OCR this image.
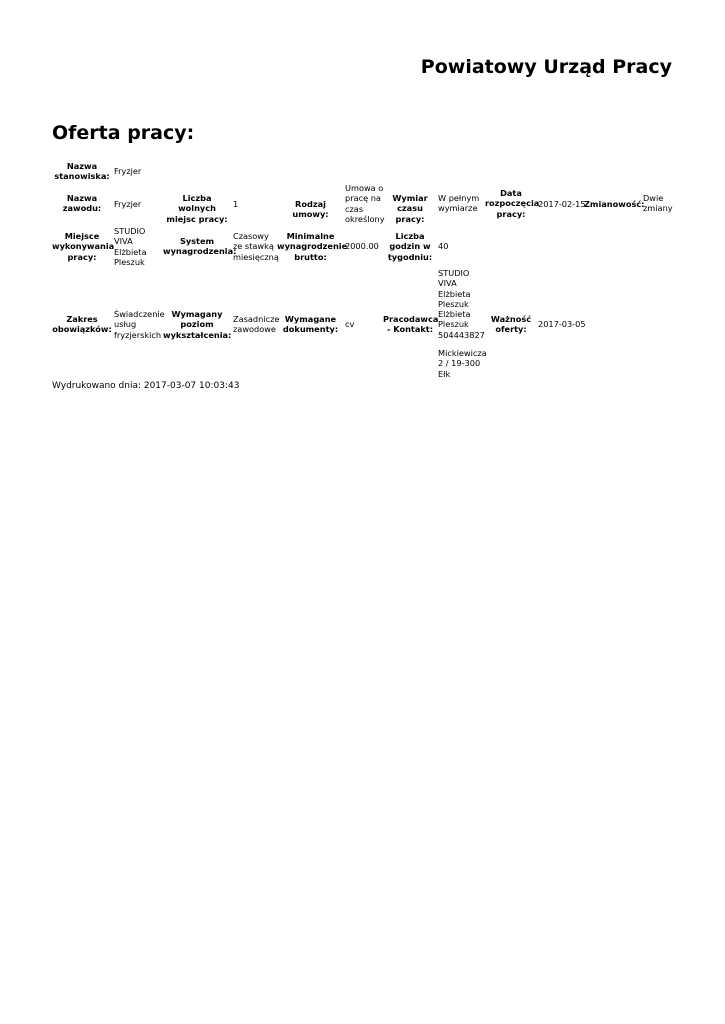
Powiatowy Urząd Pracy
Oferta pracy:
Nazwa stanowiska:
Fryzjer
Nazwa zawodu:	Fryzjer
Liczba wolnych miejsc pracy:
1	Rodzaj umowy:
Umowa o pracę na czas określony
Wymiar czasu pracy:
W pełnym wymiarze
Data rozpoczęcia pracy:
2017-02-15
Zmianowość:
Dwie zmiany
Miejsce wykonywania pracy:
STUDIO VIVA Elżbieta Pleszuk
System wynagrodzenia:
Czasowy ze stawką miesięczną
Minimalne wynagrodzenie brutto:
2000.00
Liczba godzin w tygodniu:
40
Zakres obowiązków:
Świadczenie usług fryzjerskich
Wymagany poziom wykształcenia:
Zasadnicze zawodowe
Wymagane dokumenty:
cv	Pracodawca - Kontakt:
STUDIO VIVA Elżbieta Pleszuk Elżbieta Pleszuk 504443827
Mickiewicza 2 / 19-300 Ełk
Ważność oferty:
2017-03-05
Wydrukowano dnia: 2017-03-07 10:03:43
